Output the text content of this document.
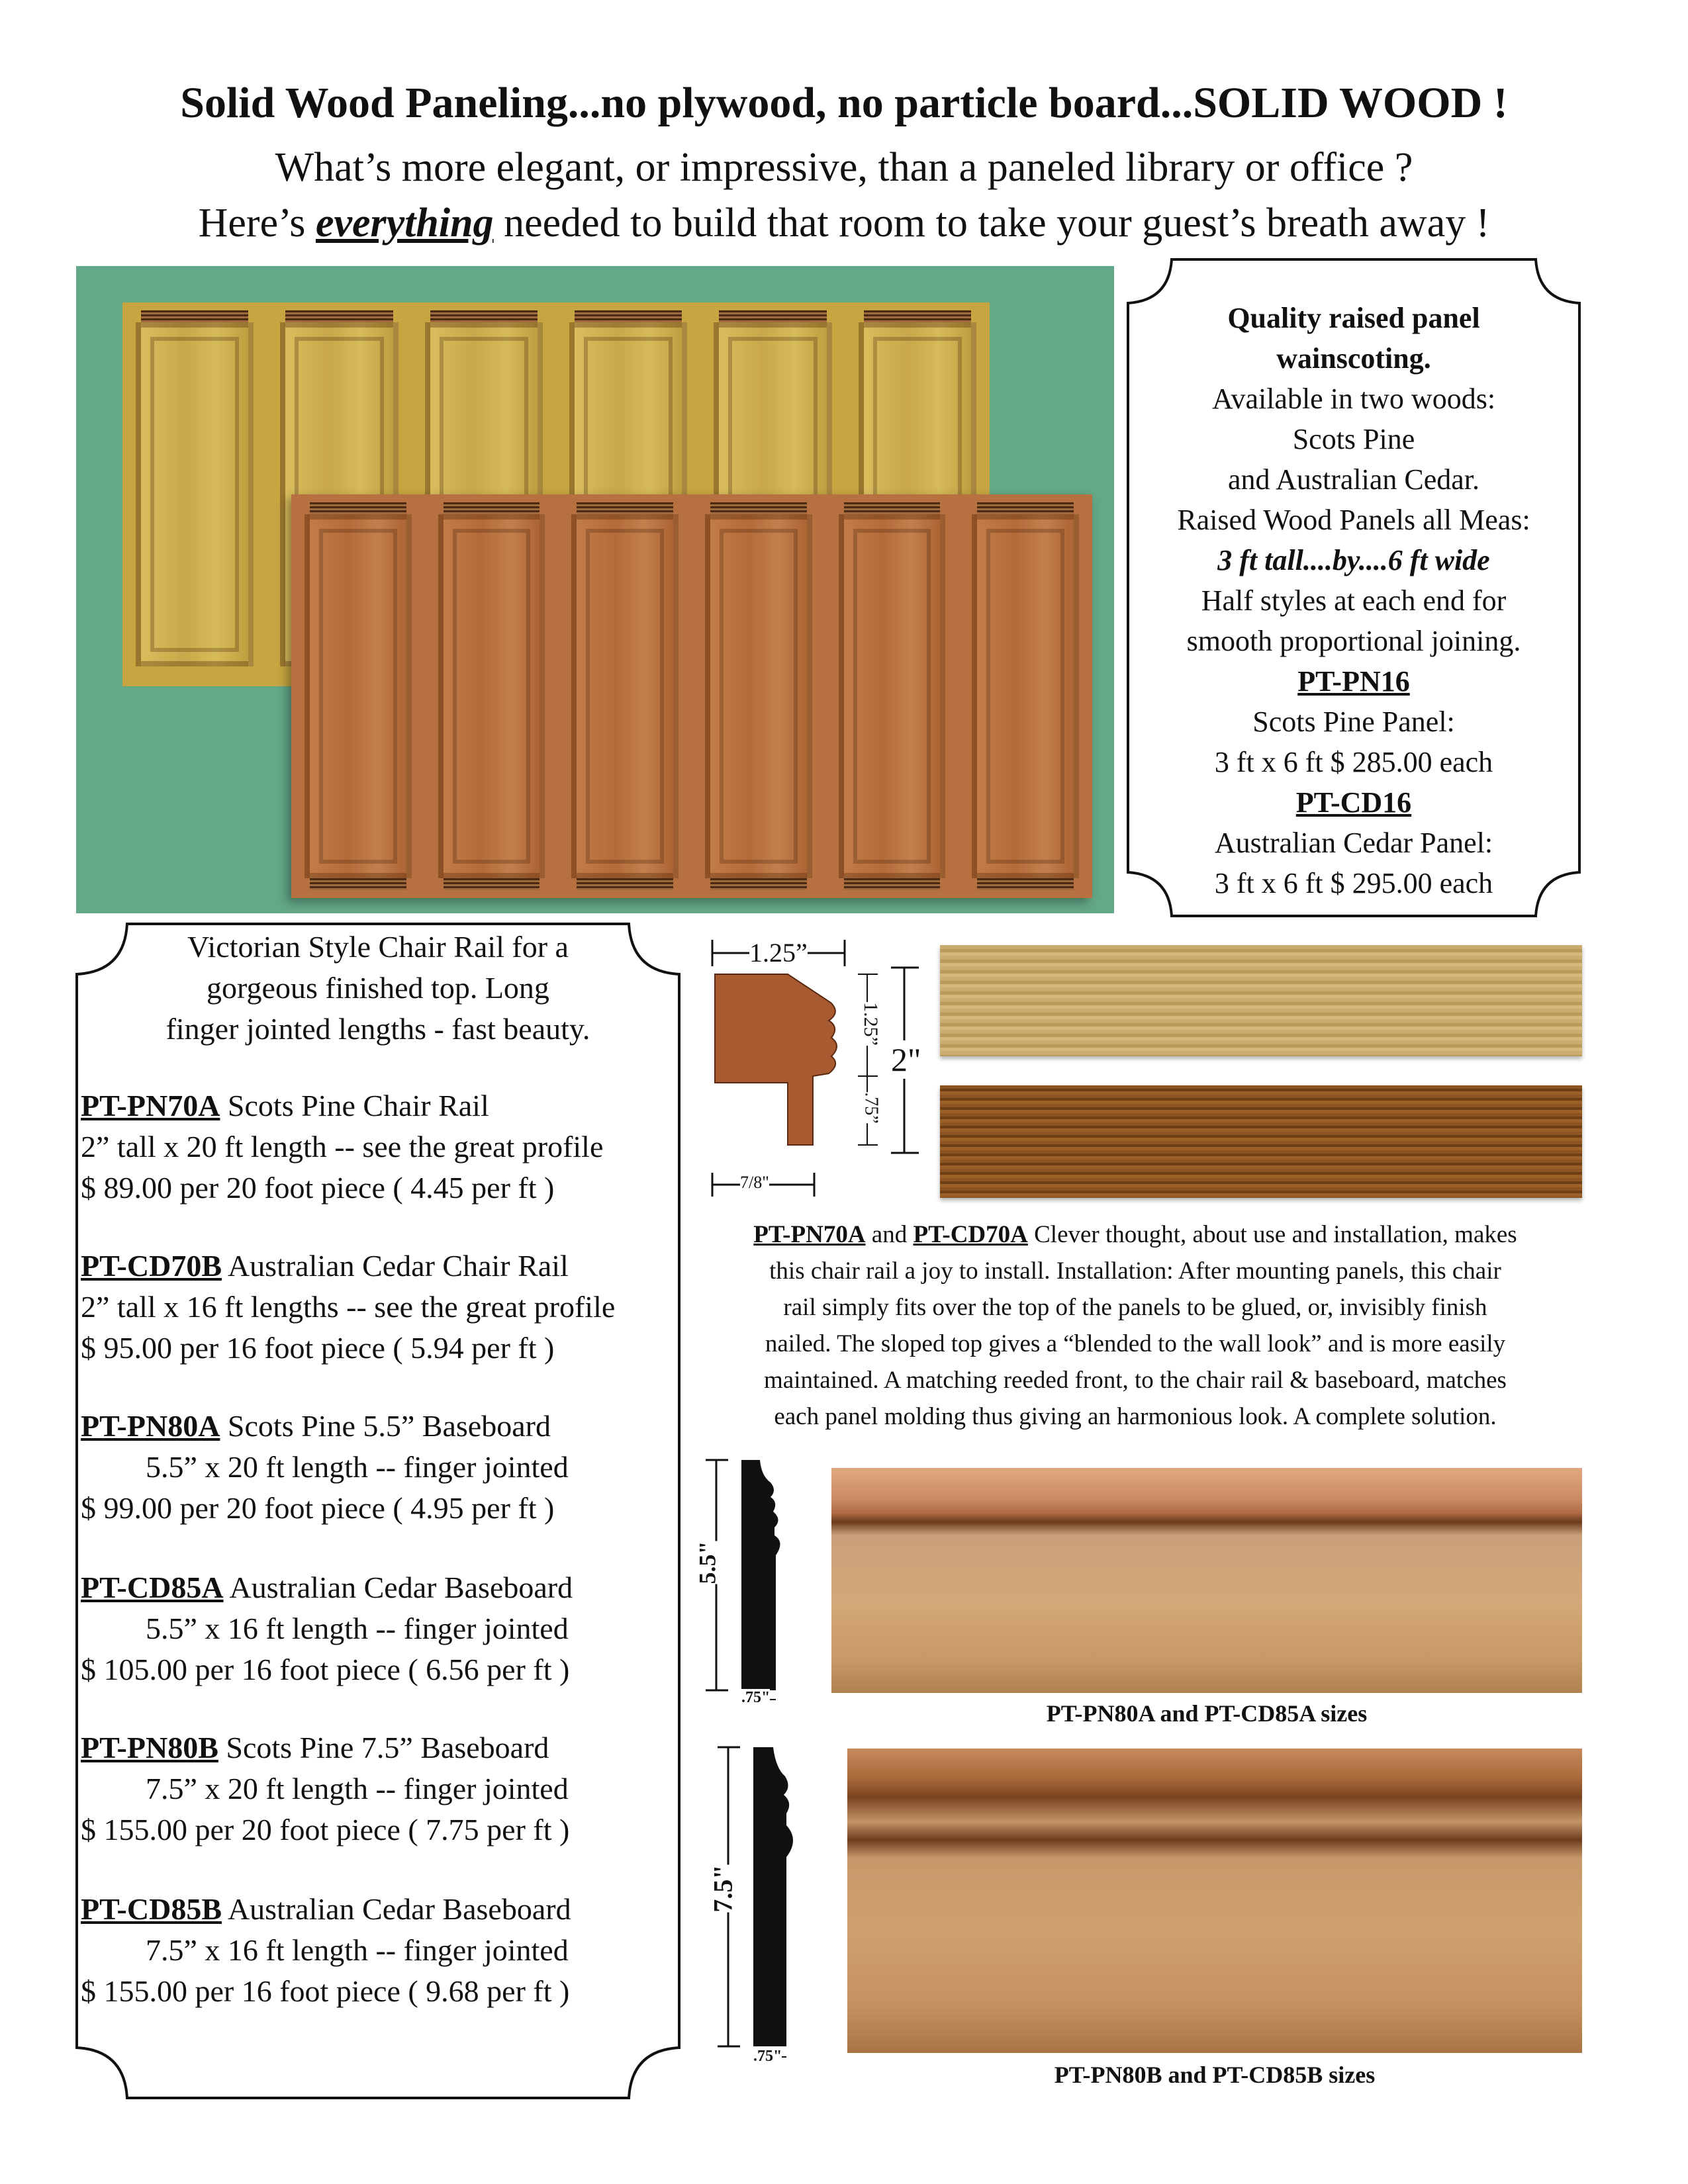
Solid Wood Paneling...no plywood, no particle board...SOLID WOOD !
What’s more elegant, or impressive, than a paneled library or office ?
Here’s everything needed to build that room to take your guest’s breath away !
Quality raised panel
wainscoting.
Available in two woods:
Scots Pine
and Australian Cedar.
Raised Wood Panels all Meas:
3 ft tall....by....6 ft wide
Half styles at each end for
smooth proportional joining.
PT-PN16
Scots Pine Panel:
3 ft x 6 ft $ 285.00 each
PT-CD16
Australian Cedar Panel:
3 ft x 6 ft $ 295.00 each
Victorian Style Chair Rail for a
gorgeous finished top. Long
finger jointed lengths - fast beauty.
PT-PN70A Scots Pine Chair Rail
2” tall x 20 ft length -- see the great profile
$ 89.00 per 20 foot piece ( 4.45 per ft )
PT-CD70B Australian Cedar Chair Rail
2” tall x 16 ft lengths -- see the great profile
$ 95.00 per 16 foot piece ( 5.94 per ft )
PT-PN80A Scots Pine 5.5” Baseboard
5.5” x 20 ft length -- finger jointed
$ 99.00 per 20 foot piece ( 4.95 per ft )
PT-CD85A Australian Cedar Baseboard
5.5” x 16 ft length -- finger jointed
$ 105.00 per 16 foot piece ( 6.56 per ft )
PT-PN80B Scots Pine 7.5” Baseboard
7.5” x 20 ft length -- finger jointed
$ 155.00 per 20 foot piece ( 7.75 per ft )
PT-CD85B Australian Cedar Baseboard
7.5” x 16 ft length -- finger jointed
$ 155.00 per 16 foot piece ( 9.68 per ft )
1.25”
1.25”
.75”
2"
7/8"
PT-PN70A and PT-CD70A Clever thought, about use and installation, makes
this chair rail a joy to install. Installation: After mounting panels, this chair
rail simply fits over the top of the panels to be glued, or, invisibly finish
nailed. The sloped top gives a “blended to the wall look” and is more easily
maintained. A matching reeded front, to the chair rail & baseboard, matches
each panel molding thus giving an harmonious look. A complete solution.
5.5"
.75"
PT-PN80A and PT-CD85A sizes
7.5"
.75"
PT-PN80B and PT-CD85B sizes
